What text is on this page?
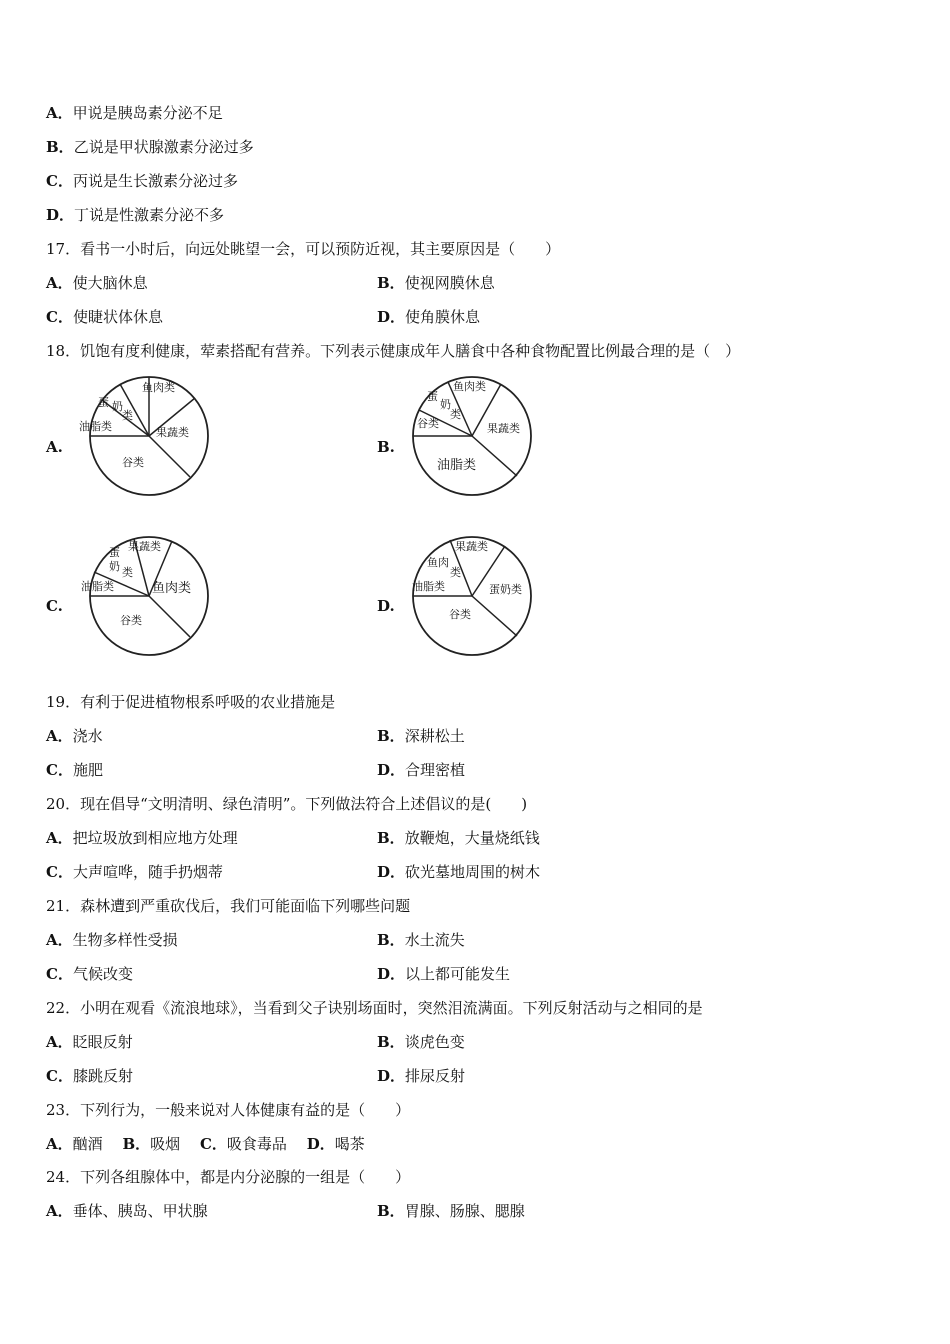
A．甲说是胰岛素分泌不足
B．乙说是甲状腺激素分泌过多
C．丙说是生长激素分泌过多
D．丁说是性激素分泌不多
17．看书一小时后，向远处眺望一会，可以预防近视，其主要原因是（　　）
A．使大脑休息	B．使视网膜休息
C．使睫状体休息	D．使角膜休息
18．饥饱有度利健康，荤素搭配有营养。下列表示健康成年人膳食中各种食物配置比例最合理的是（　）
A.
鱼肉类
蛋 奶
类
油脂类	果蔬类
谷类
B.
鱼肉类
蛋
奶
类
谷类	果蔬类
油脂类
C.
果蔬类
蛋
奶 类
油脂类	鱼肉类
谷类
D.
果蔬类
鱼肉
类
油脂类	蛋奶类
谷类
19．有利于促进植物根系呼吸的农业措施是
A．浇水	B．深耕松土
C．施肥	D．合理密植
20．现在倡导“文明清明、绿色清明”。下列做法符合上述倡议的是(　　)
A．把垃圾放到相应地方处理	B．放鞭炮，大量烧纸钱
C．大声喧哗，随手扔烟蒂	D．砍光墓地周围的树木
21．森林遭到严重砍伐后，我们可能面临下列哪些问题
A．生物多样性受损	B．水土流失
C．气候改变	D．以上都可能发生
22．小明在观看《流浪地球》，当看到父子诀别场面时，突然泪流满面。下列反射活动与之相同的是
A．眨眼反射	B．谈虎色变
C．膝跳反射	D．排尿反射
23．下列行为，一般来说对人体健康有益的是（　　）
A．酗酒　 B．吸烟　 C．吸食毒品　 D．喝茶
24．下列各组腺体中，都是内分泌腺的一组是（　　）
A．垂体、胰岛、甲状腺	B．胃腺、肠腺、腮腺
